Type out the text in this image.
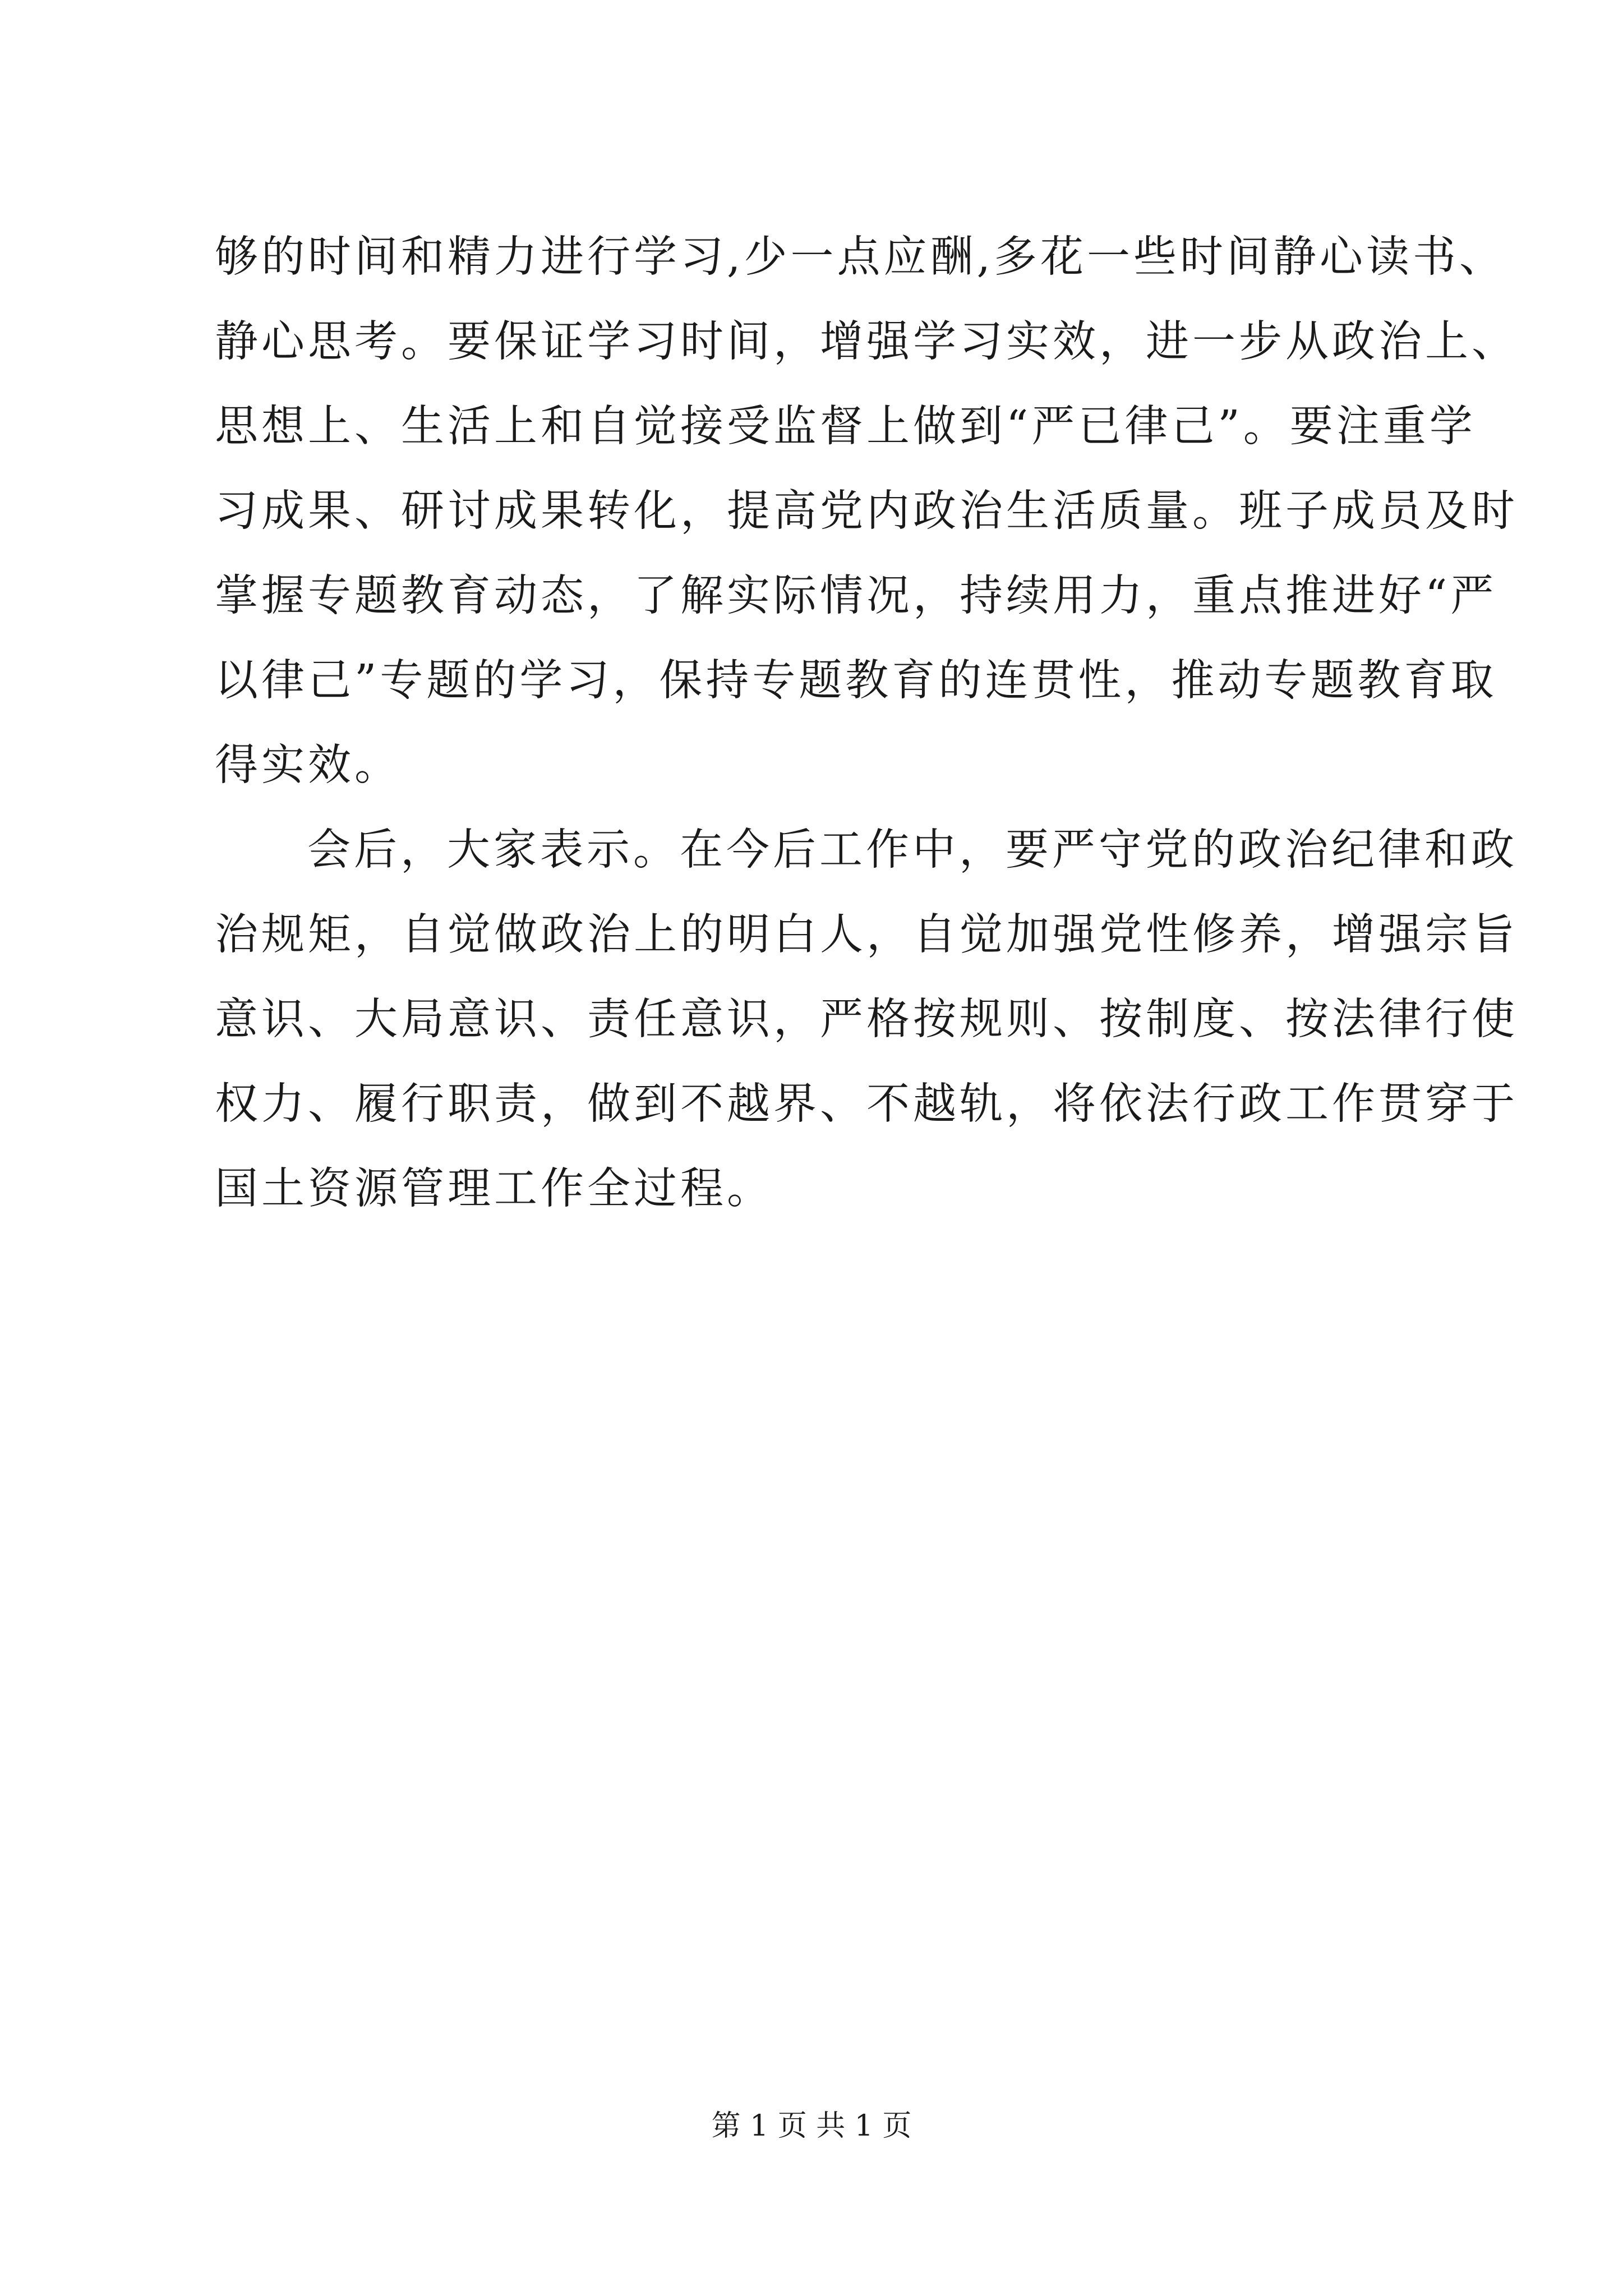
够的时间和精力进行学习,少一点应酬,多花一些时间静心读书、
静心思考。要保证学习时间，增强学习实效，进一步从政治上、
思想上、生活上和自觉接受监督上做到“严已律己”。要注重学
习成果、研讨成果转化，提高党内政治生活质量。班子成员及时
掌握专题教育动态，了解实际情况，持续用力，重点推进好“严
以律己”专题的学习，保持专题教育的连贯性，推动专题教育取
得实效。
会后，大家表示。在今后工作中，要严守党的政治纪律和政
治规矩，自觉做政治上的明白人，自觉加强党性修养，增强宗旨
意识、大局意识、责任意识，严格按规则、按制度、按法律行使
权力、履行职责，做到不越界、不越轨，将依法行政工作贯穿于
国土资源管理工作全过程。
第 1 页 共 1 页
